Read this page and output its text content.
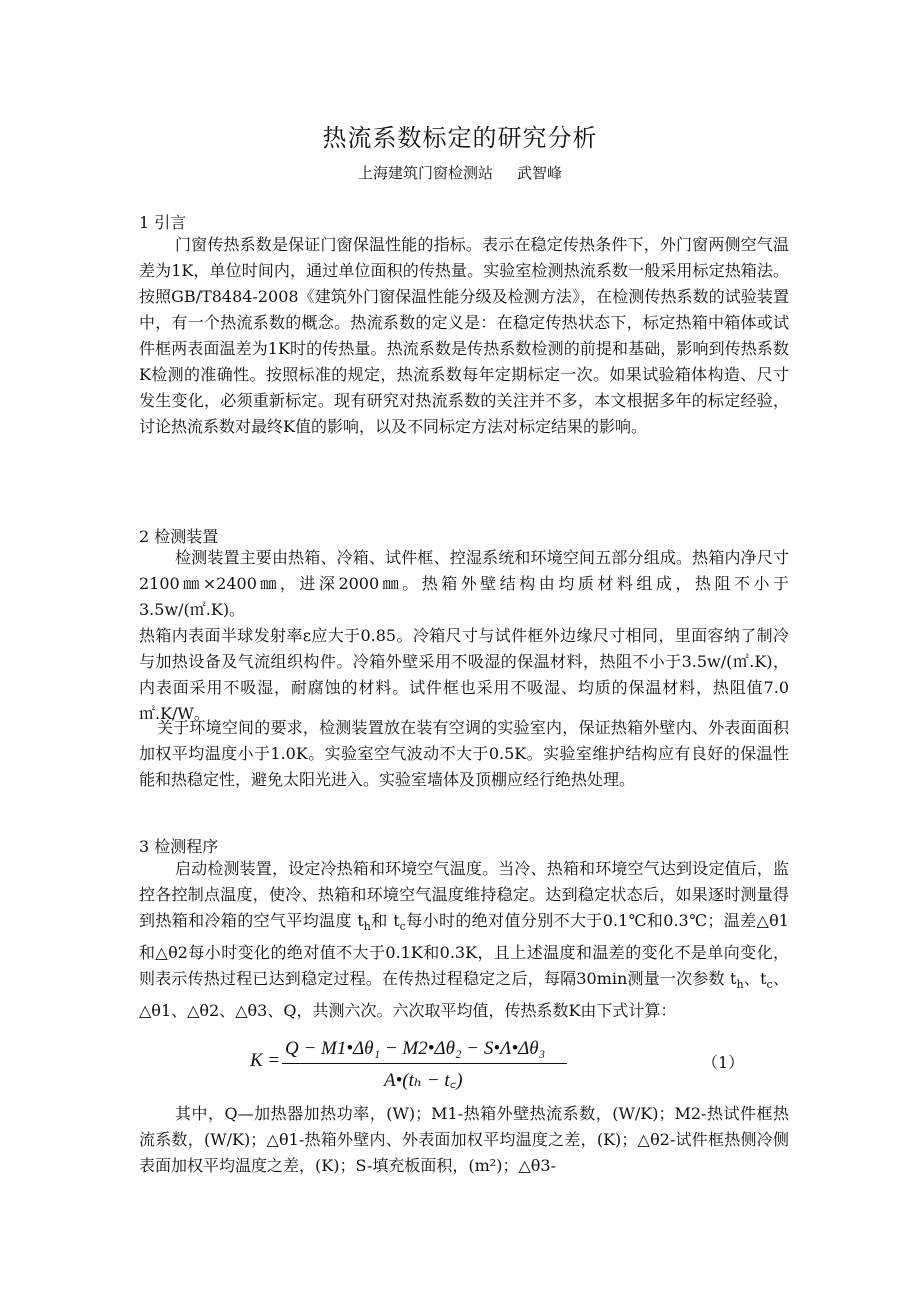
热流系数标定的研究分析
上海建筑门窗检测站 武智峰
1 引言

门窗传热系数是保证门窗保温性能的指标。表示在稳定传热条件下，外门窗两侧空气温差为1K，单位时间内，通过单位面积的传热量。实验室检测热流系数一般采用标定热箱法。按照GB/T8484-2008《建筑外门窗保温性能分级及检测方法》，在检测传热系数的试验装置中，有一个热流系数的概念。热流系数的定义是：在稳定传热状态下，标定热箱中箱体或试件框两表面温差为1K时的传热量。热流系数是传热系数检测的前提和基础，影响到传热系数K检测的准确性。按照标准的规定，热流系数每年定期标定一次。如果试验箱体构造、尺寸发生变化，必须重新标定。现有研究对热流系数的关注并不多，本文根据多年的标定经验，讨论热流系数对最终K值的影响，以及不同标定方法对标定结果的影响。

2 检测装置

检测装置主要由热箱、冷箱、试件框、控湿系统和环境空间五部分组成。热箱内净尺寸2100㎜×2400㎜，进深2000㎜。热箱外壁结构由均质材料组成，热阻不小于3.5w/(㎡.K)。

热箱内表面半球发射率ε应大于0.85。冷箱尺寸与试件框外边缘尺寸相同，里面容纳了制冷与加热设备及气流组织构件。冷箱外壁采用不吸湿的保温材料，热阻不小于3.5w/(㎡.K)，内表面采用不吸湿，耐腐蚀的材料。试件框也采用不吸湿、均质的保温材料，热阻值7.0㎡.K/W。

关于环境空间的要求，检测装置放在装有空调的实验室内，保证热箱外壁内、外表面面积加权平均温度小于1.0K。实验室空气波动不大于0.5K。实验室维护结构应有良好的保温性能和热稳定性，避免太阳光进入。实验室墙体及顶棚应经行绝热处理。

3 检测程序

启动检测装置，设定冷热箱和环境空气温度。当冷、热箱和环境空气达到设定值后，监控各控制点温度，使冷、热箱和环境空气温度维持稳定。达到稳定状态后，如果逐时测量得到热箱和冷箱的空气平均温度 $t_h$和 $t_c$每小时的绝对值分别不大于0.1℃和0.3℃；温差△θ1和△θ2每小时变化的绝对值不大于0.1K和0.3K，且上述温度和温差的变化不是单向变化，则表示传热过程已达到稳定过程。在传热过程稳定之后，每隔30min测量一次参数 $t_h$、$t_c$、△θ1、△θ2、△θ3、Q，共测六次。六次取平均值，传热系数K由下式计算：

K =
Q − M1•Δθ₁ − M2•Δθ₂ − S•Λ•Δθ₃
A•(tₕ − t꜀)
（1）

其中，Q—加热器加热功率，(W)；M1-热箱外壁热流系数，(W/K)；M2-热试件框热流系数，(W/K)；△θ1-热箱外壁内、外表面加权平均温度之差，(K)；△θ2-试件框热侧冷侧表面加权平均温度之差，(K)；S-填充板面积，(m²)；△θ3-
